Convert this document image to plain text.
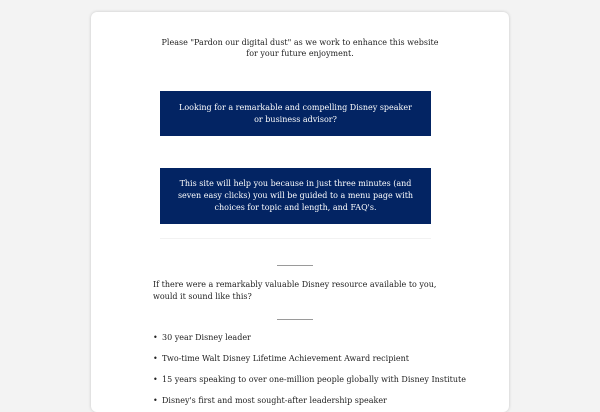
Please "Pardon our digital dust" as we work to enhance this website for your future enjoyment.
Looking for a remarkable and compelling Disney speaker or business advisor?
This site will help you because in just three minutes (and seven easy clicks) you will be guided to a menu page with choices for topic and length, and FAQ's.
If there were a remarkably valuable Disney resource available to you, would it sound like this?
• 30 year Disney leader
• Two-time Walt Disney Lifetime Achievement Award recipient
• 15 years speaking to over one-million people globally with Disney Institute
• Disney's first and most sought-after leadership speaker
